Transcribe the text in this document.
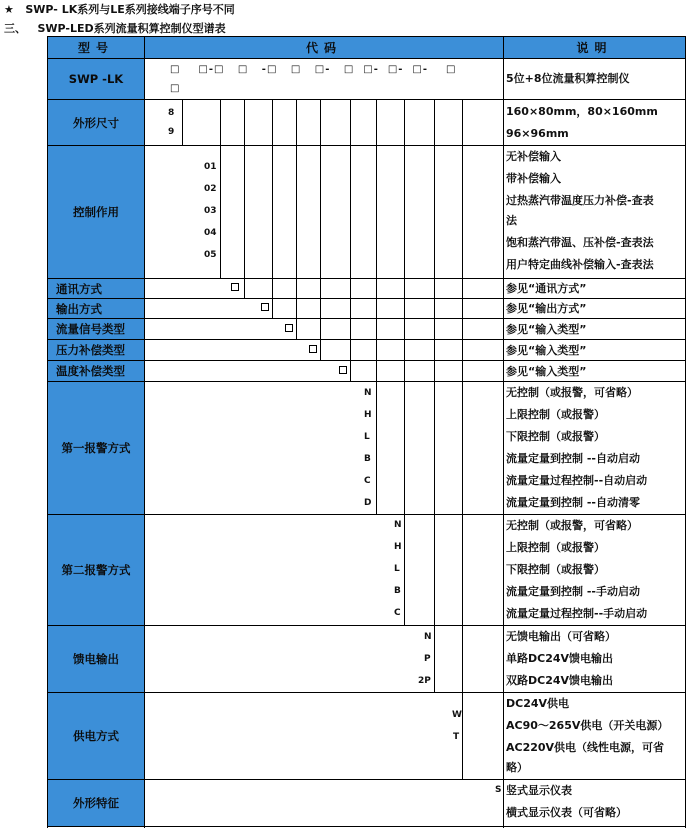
★ SWP- LK系列与LE系列接线端子序号不同
三、 SWP-LED系列流量积算控制仪型谱表
型号	代码	说明
SWP -LK
外形尺寸
控制作用
通讯方式
输出方式
流量信号类型
压力补偿类型
温度补偿类型
第一报警方式
第二报警方式
馈电输出
供电方式
外形特征
□ □-□ □ -□ □ □- □ □- □- □- □
□
5位+8位流量积算控制仪
8
9
160×80mm，80×160mm
96×96mm
01
02
03
04
05
无补偿输入
带补偿输入
过热蒸汽带温度压力补偿-查表
法
饱和蒸汽带温、压补偿-查表法
用户特定曲线补偿输入-查表法
参见“通讯方式”
参见“输出方式”
参见“输入类型”
参见“输入类型”
参见“输入类型”
N
H
L
B
C
D
无控制（或报警，可省略）
上限控制（或报警）
下限控制（或报警）
流量定量到控制 --自动启动
流量定量过程控制--自动启动
流量定量到控制 --自动清零
N
H
L
B
C
无控制（或报警，可省略）
上限控制（或报警）
下限控制（或报警）
流量定量到控制 --手动启动
流量定量过程控制--手动启动
N
P
2P
无馈电输出（可省略）
单路DC24V馈电输出
双路DC24V馈电输出
W
T
DC24V供电
AC90～265V供电（开关电源）
AC220V供电（线性电源，可省
略）
S 竖式显示仪表
横式显示仪表（可省略）
